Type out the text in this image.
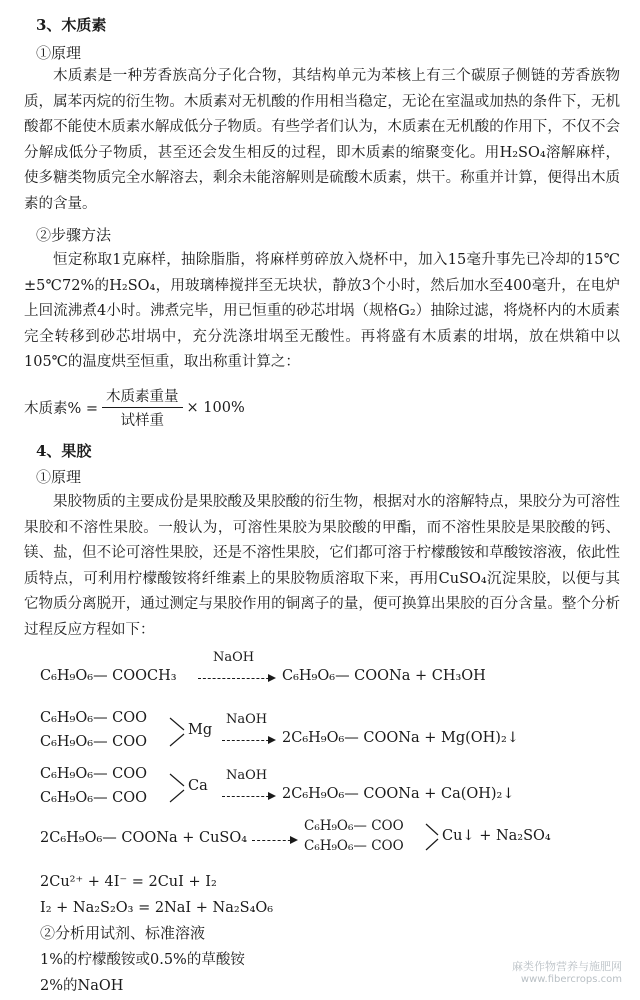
3、木质素
①原理
木质素是一种芳香族高分子化合物，其结构单元为苯核上有三个碳原子侧链的芳香族物质，属苯丙烷的衍生物。木质素对无机酸的作用相当稳定，无论在室温或加热的条件下，无机酸都不能使木质素水解成低分子物质。有些学者们认为，木质素在无机酸的作用下，不仅不会分解成低分子物质，甚至还会发生相反的过程，即木质素的缩聚变化。用H₂SO₄溶解麻样，使多糖类物质完全水解溶去，剩余未能溶解则是硫酸木质素，烘干。称重并计算，便得出木质素的含量。
②步骤方法
恒定称取1克麻样，抽除脂脂，将麻样剪碎放入烧杯中，加入15毫升事先已冷却的15℃±5℃72%的H₂SO₄，用玻璃棒搅拌至无块状，静放3个小时，然后加水至400毫升，在电炉上回流沸煮4小时。沸煮完毕，用已恒重的砂芯坩埚（规格G₂）抽除过滤，将烧杯内的木质素完全转移到砂芯坩埚中，充分洗涤坩埚至无酸性。再将盛有木质素的坩埚，放在烘箱中以105℃的温度烘至恒重，取出称重计算之：
木质素% = $\frac{\text{木质素重量}}{\text{试样重}} \times 100\%$
4、果胶
①原理
果胶物质的主要成份是果胶酸及果胶酸的衍生物，根据对水的溶解特点，果胶分为可溶性果胶和不溶性果胶。一般认为，可溶性果胶为果胶酸的甲酯，而不溶性果胶是果胶酸的钙、镁、盐，但不论可溶性果胶，还是不溶性果胶，它们都可溶于柠檬酸铵和草酸铵溶液，依此性质特点，可利用柠檬酸铵将纤维素上的果胶物质溶取下来，再用CuSO₄沉淀果胶，以便与其它物质分离脱开，通过测定与果胶作用的铜离子的量，便可换算出果胶的百分含量。整个分析过程反应方程如下：
C₆H₉O₆— COOCH₃
NaOH
C₆H₉O₆— COONa + CH₃OH
C₆H₉O₆— COO
C₆H₉O₆— COO
Mg
NaOH
2C₆H₉O₆— COONa + Mg(OH)₂↓
C₆H₉O₆— COO
C₆H₉O₆— COO
Ca
NaOH
2C₆H₉O₆— COONa + Ca(OH)₂↓
2C₆H₉O₆— COONa + CuSO₄
C₆H₉O₆— COO
C₆H₉O₆— COO
Cu↓ + Na₂SO₄
2Cu²⁺ + 4I⁻ = 2CuI + I₂
I₂ + Na₂S₂O₃ = 2NaI + Na₂S₄O₆
②分析用试剂、标准溶液
1%的柠檬酸铵或0.5%的草酸铵
2%的NaOH
麻类作物营养与施肥网
www.fibercrops.com
